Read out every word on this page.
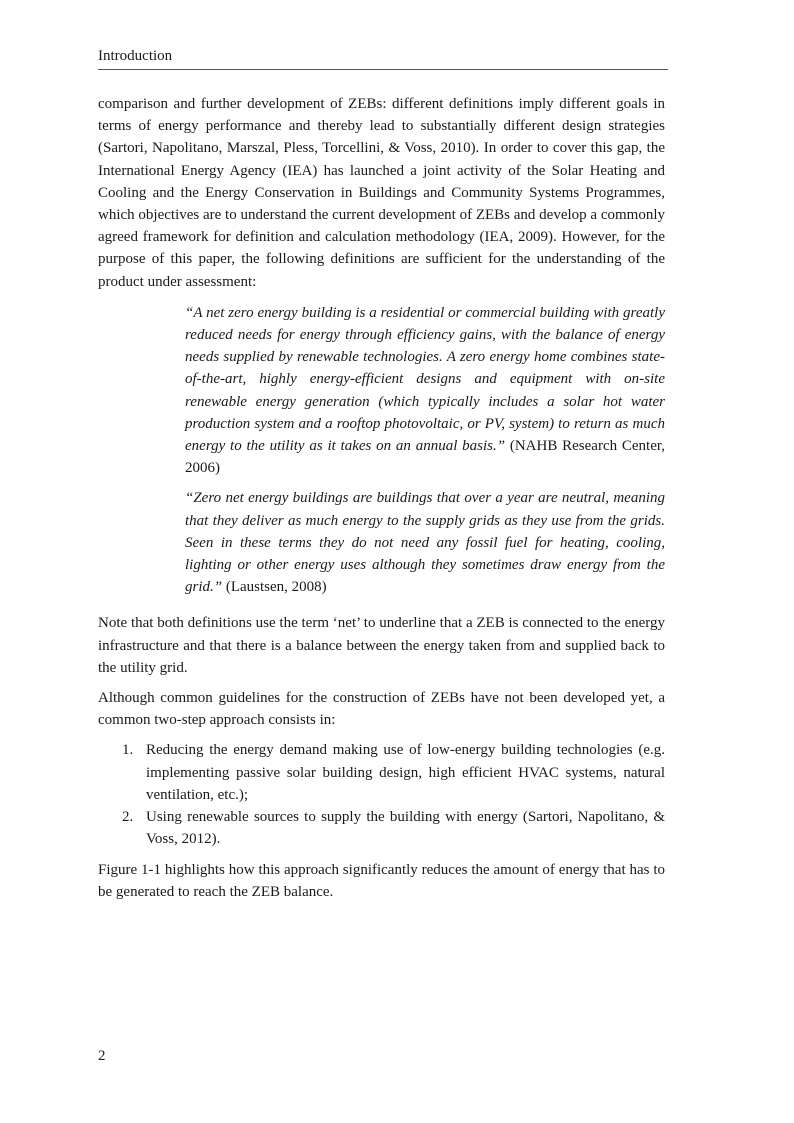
Introduction

comparison and further development of ZEBs: different definitions imply different goals in terms of energy performance and thereby lead to substantially different design strategies (Sartori, Napolitano, Marszal, Pless, Torcellini, & Voss, 2010). In order to cover this gap, the International Energy Agency (IEA) has launched a joint activity of the Solar Heating and Cooling and the Energy Conservation in Buildings and Community Systems Programmes, which objectives are to understand the current development of ZEBs and develop a commonly agreed framework for definition and calculation methodology (IEA, 2009). However, for the purpose of this paper, the following definitions are sufficient for the understanding of the product under assessment:

“A net zero energy building is a residential or commercial building with greatly reduced needs for energy through efficiency gains, with the balance of energy needs supplied by renewable technologies. A zero energy home combines state-of-the-art, highly energy-efficient designs and equipment with on-site renewable energy generation (which typically includes a solar hot water production system and a rooftop photovoltaic, or PV, system) to return as much energy to the utility as it takes on an annual basis.” (NAHB Research Center, 2006)

“Zero net energy buildings are buildings that over a year are neutral, meaning that they deliver as much energy to the supply grids as they use from the grids. Seen in these terms they do not need any fossil fuel for heating, cooling, lighting or other energy uses although they sometimes draw energy from the grid.” (Laustsen, 2008)

Note that both definitions use the term ‘net’ to underline that a ZEB is connected to the energy infrastructure and that there is a balance between the energy taken from and supplied back to the utility grid.

Although common guidelines for the construction of ZEBs have not been developed yet, a common two-step approach consists in:

1. Reducing the energy demand making use of low-energy building technologies (e.g. implementing passive solar building design, high efficient HVAC systems, natural ventilation, etc.);
2. Using renewable sources to supply the building with energy (Sartori, Napolitano, & Voss, 2012).

Figure 1-1 highlights how this approach significantly reduces the amount of energy that has to be generated to reach the ZEB balance.

2
